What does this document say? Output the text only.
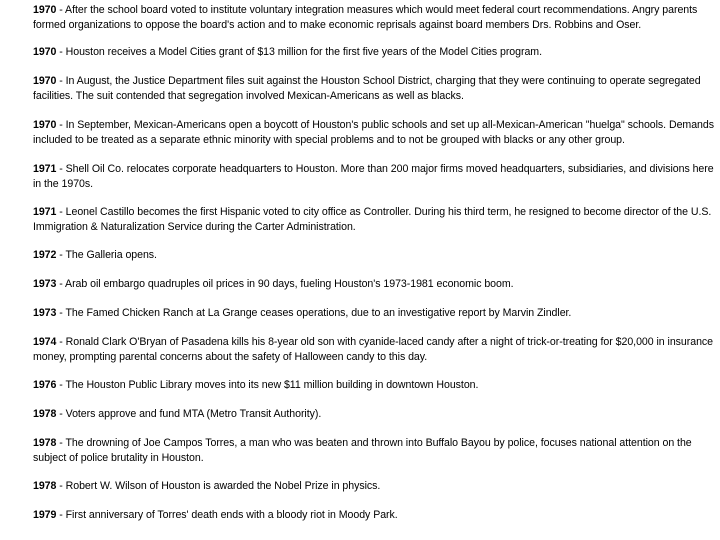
1970 - After the school board voted to institute voluntary integration measures which would meet federal court recommendations. Angry parents formed organizations to oppose the board's action and to make economic reprisals against board members Drs. Robbins and Oser.

1970 - Houston receives a Model Cities grant of $13 million for the first five years of the Model Cities program.

1970 - In August, the Justice Department files suit against the Houston School District, charging that they were continuing to operate segregated facilities. The suit contended that segregation involved Mexican-Americans as well as blacks.

1970 - In September, Mexican-Americans open a boycott of Houston's public schools and set up all-Mexican-American "huelga" schools. Demands included to be treated as a separate ethnic minority with special problems and to not be grouped with blacks or any other group.

1971 - Shell Oil Co. relocates corporate headquarters to Houston. More than 200 major firms moved headquarters, subsidiaries, and divisions here in the 1970s.

1971 - Leonel Castillo becomes the first Hispanic voted to city office as Controller. During his third term, he resigned to become director of the U.S. Immigration & Naturalization Service during the Carter Administration.

1972 - The Galleria opens.

1973 - Arab oil embargo quadruples oil prices in 90 days, fueling Houston's 1973-1981 economic boom.

1973 - The Famed Chicken Ranch at La Grange ceases operations, due to an investigative report by Marvin Zindler.

1974 - Ronald Clark O'Bryan of Pasadena kills his 8-year old son with cyanide-laced candy after a night of trick-or-treating for $20,000 in insurance money, prompting parental concerns about the safety of Halloween candy to this day.

1976 - The Houston Public Library moves into its new $11 million building in downtown Houston.

1978 - Voters approve and fund MTA (Metro Transit Authority).

1978 - The drowning of Joe Campos Torres, a man who was beaten and thrown into Buffalo Bayou by police, focuses national attention on the subject of police brutality in Houston.

1978 - Robert W. Wilson of Houston is awarded the Nobel Prize in physics.

1979 - First anniversary of Torres' death ends with a bloody riot in Moody Park.
